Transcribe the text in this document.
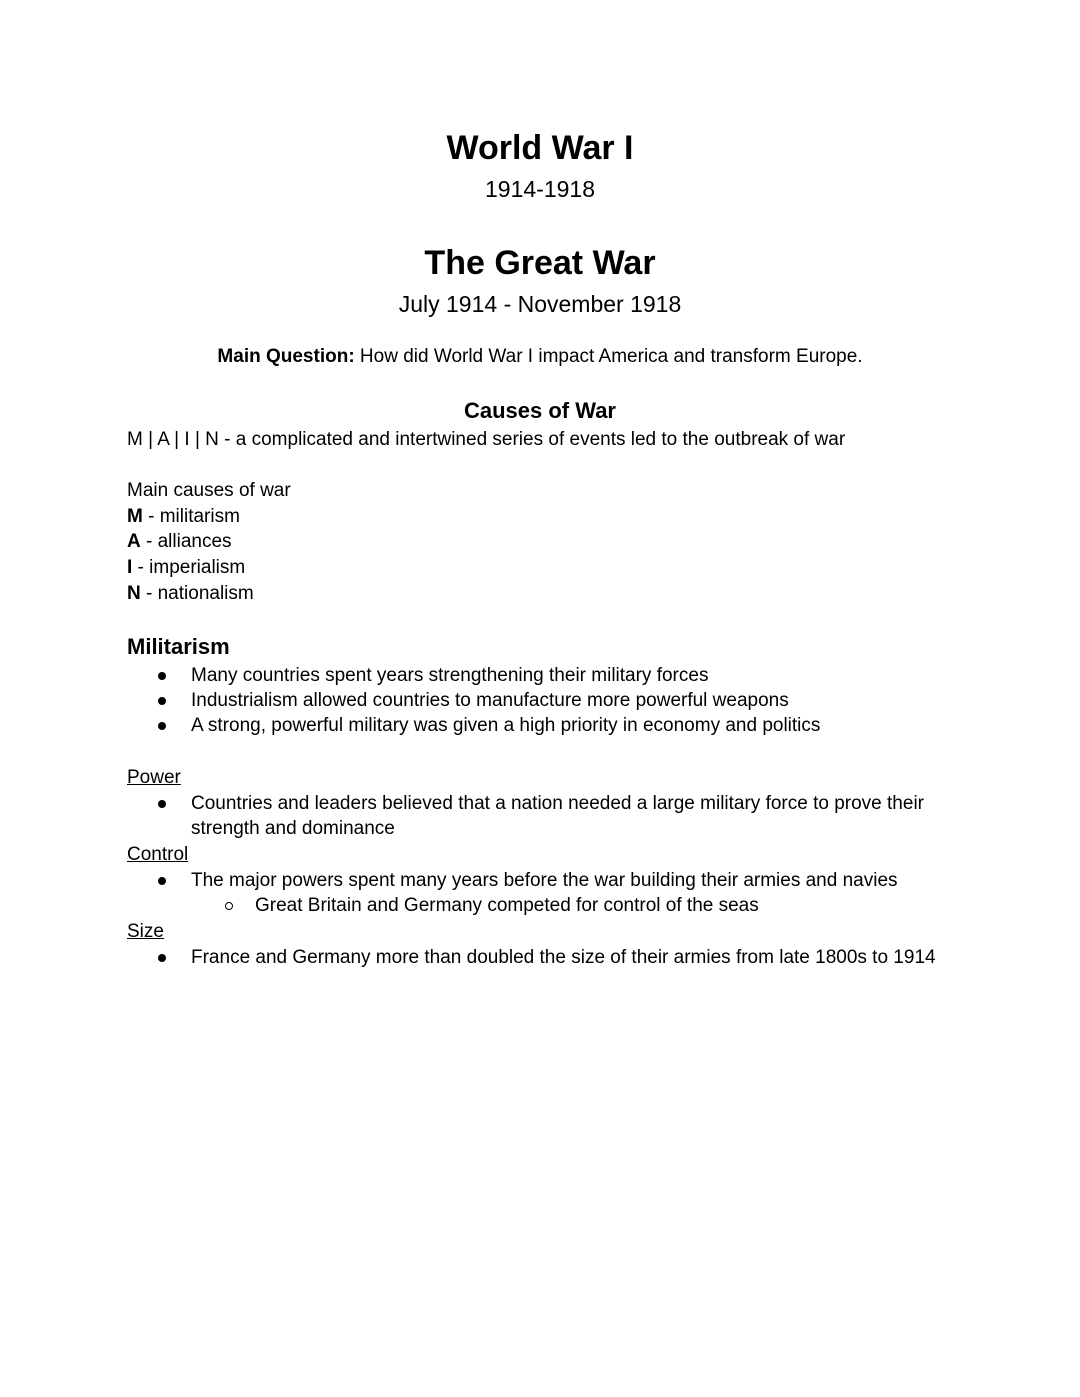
World War I
1914-1918
The Great War
July 1914 - November 1918
Main Question: How did World War I impact America and transform Europe.
Causes of War
M | A | I | N - a complicated and intertwined series of events led to the outbreak of war
Main causes of war
M - militarism
A - alliances
I - imperialism
N - nationalism
Militarism
Many countries spent years strengthening their military forces
Industrialism allowed countries to manufacture more powerful weapons
A strong, powerful military was given a high priority in economy and politics
Power
Countries and leaders believed that a nation needed a large military force to prove their strength and dominance
Control
The major powers spent many years before the war building their armies and navies
Great Britain and Germany competed for control of the seas
Size
France and Germany more than doubled the size of their armies from late 1800s to 1914
